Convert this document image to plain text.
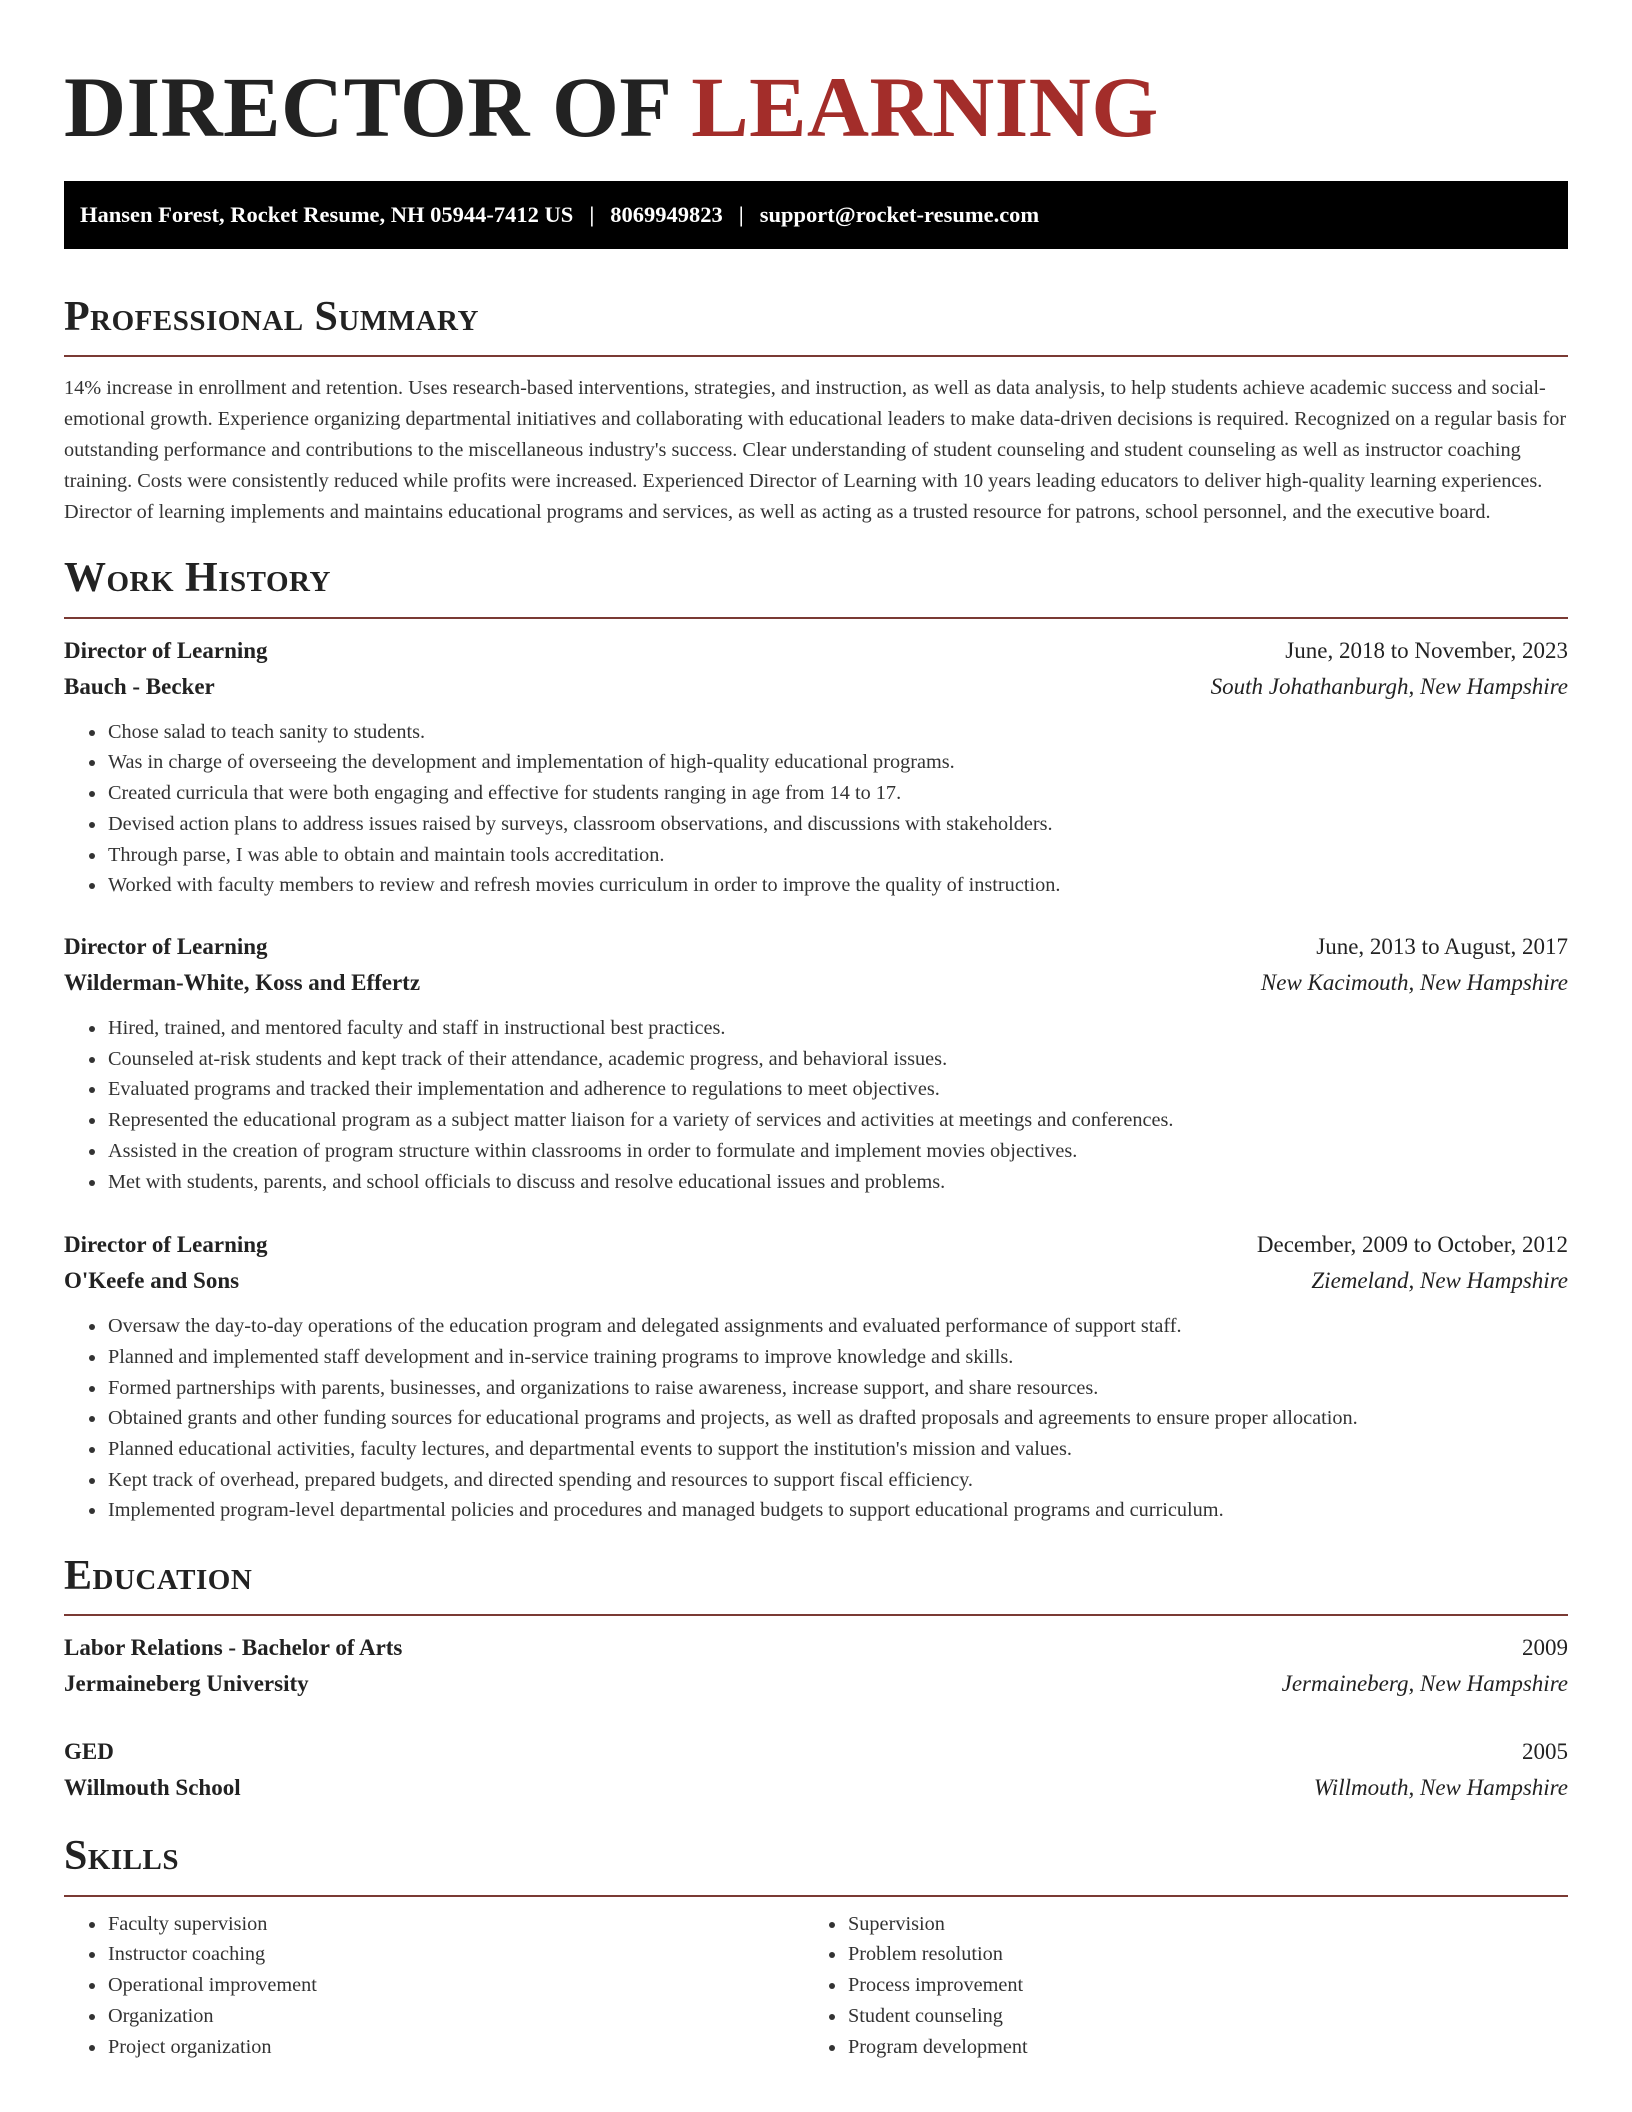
DIRECTOR OF LEARNING
Hansen Forest, Rocket Resume, NH 05944-7412 US | 8069949823 | support@rocket-resume.com
Professional Summary

14% increase in enrollment and retention. Uses research-based interventions, strategies, and instruction, as well as data analysis, to help students achieve academic success and social-emotional growth. Experience organizing departmental initiatives and collaborating with educational leaders to make data-driven decisions is required. Recognized on a regular basis for outstanding performance and contributions to the miscellaneous industry's success. Clear understanding of student counseling and student counseling as well as instructor coaching training. Costs were consistently reduced while profits were increased. Experienced Director of Learning with 10 years leading educators to deliver high-quality learning experiences. Director of learning implements and maintains educational programs and services, as well as acting as a trusted resource for patrons, school personnel, and the executive board.

Work History
Director of Learning	June, 2018 to November, 2023
Bauch - Becker	South Johathanburgh, New Hampshire
• Chose salad to teach sanity to students.
• Was in charge of overseeing the development and implementation of high-quality educational programs.
• Created curricula that were both engaging and effective for students ranging in age from 14 to 17.
• Devised action plans to address issues raised by surveys, classroom observations, and discussions with stakeholders.
• Through parse, I was able to obtain and maintain tools accreditation.
• Worked with faculty members to review and refresh movies curriculum in order to improve the quality of instruction.
Director of Learning	June, 2013 to August, 2017
Wilderman-White, Koss and Effertz	New Kacimouth, New Hampshire
• Hired, trained, and mentored faculty and staff in instructional best practices.
• Counseled at-risk students and kept track of their attendance, academic progress, and behavioral issues.
• Evaluated programs and tracked their implementation and adherence to regulations to meet objectives.
• Represented the educational program as a subject matter liaison for a variety of services and activities at meetings and conferences.
• Assisted in the creation of program structure within classrooms in order to formulate and implement movies objectives.
• Met with students, parents, and school officials to discuss and resolve educational issues and problems.
Director of Learning	December, 2009 to October, 2012
O'Keefe and Sons	Ziemeland, New Hampshire
• Oversaw the day-to-day operations of the education program and delegated assignments and evaluated performance of support staff.
• Planned and implemented staff development and in-service training programs to improve knowledge and skills.
• Formed partnerships with parents, businesses, and organizations to raise awareness, increase support, and share resources.
• Obtained grants and other funding sources for educational programs and projects, as well as drafted proposals and agreements to ensure proper allocation.
• Planned educational activities, faculty lectures, and departmental events to support the institution's mission and values.
• Kept track of overhead, prepared budgets, and directed spending and resources to support fiscal efficiency.
• Implemented program-level departmental policies and procedures and managed budgets to support educational programs and curriculum.
Education
Labor Relations - Bachelor of Arts	2009
Jermaineberg University	Jermaineberg, New Hampshire
GED	2005
Willmouth School	Willmouth, New Hampshire
Skills
• Faculty supervision
• Instructor coaching
• Operational improvement
• Organization
• Project organization
• Supervision
• Problem resolution
• Process improvement
• Student counseling
• Program development
